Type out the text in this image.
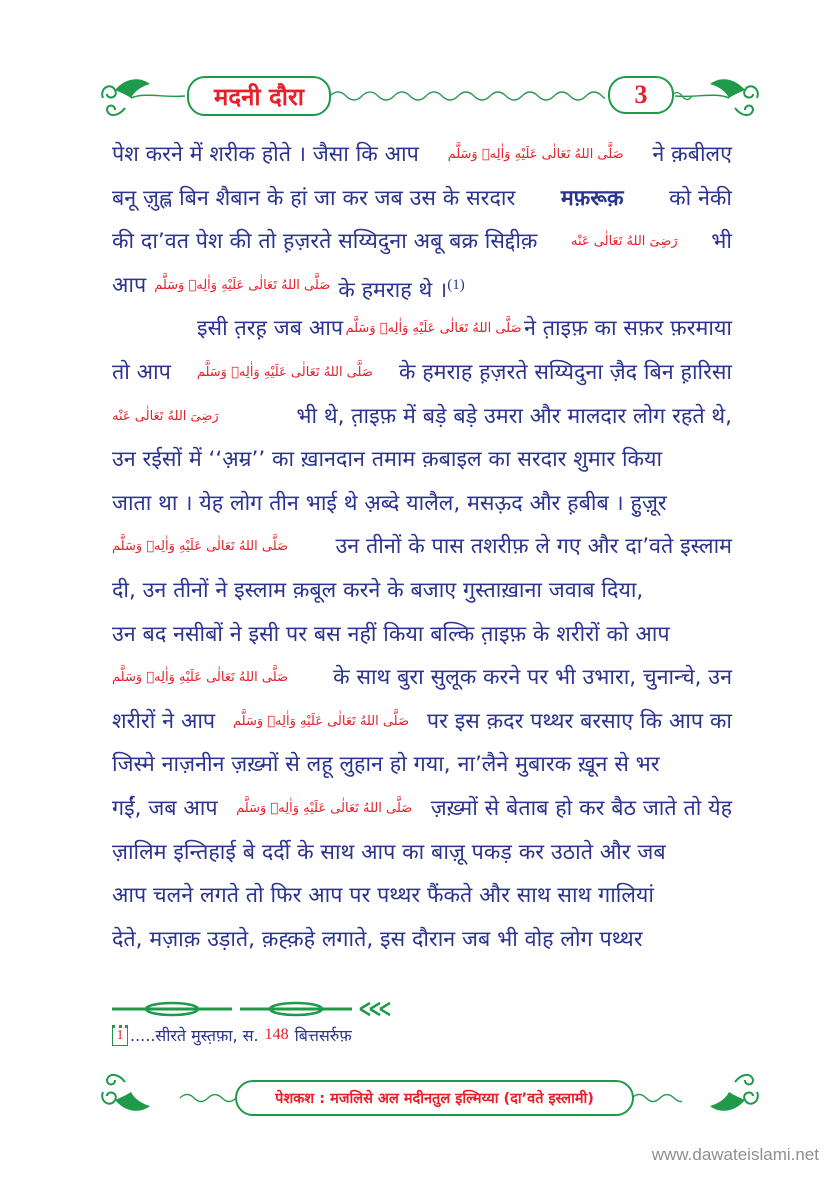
मदनी दौरा	3
पेश करने में शरीक होते । जैसा कि आप صَلَّى اللهُ تَعَالٰى عَلَيْهِ وَاٰلِهٖ وَسَلَّم ने क़बीलए
बनू ज़ुह्ल बिन शैबान के हां जा कर जब उस के सरदार मफ़रूक़ को नेकी
की दा’वत पेश की तो ह़ज़रते सय्यिदुना अबू बक्र सिद्दीक़	رَضِىَ اللهُ تَعَالٰى عَنْه भी
आप صَلَّى اللهُ تَعَالٰى عَلَيْهِ وَاٰلِهٖ وَسَلَّم के हमराह थे ।$^{(1)}$
इसी त़रह़ जब आप صَلَّى اللهُ تَعَالٰى عَلَيْهِ وَاٰلِهٖ وَسَلَّم ने त़ाइफ़ का सफ़र फ़रमाया
तो आप صَلَّى اللهُ تَعَالٰى عَلَيْهِ وَاٰلِهٖ وَسَلَّم के हमराह ह़ज़रते सय्यिदुना ज़ैद बिन ह़ारिसा
رَضِىَ اللهُ تَعَالٰى عَنْه	भी थे, त़ाइफ़ में बड़े बड़े उमरा और मालदार लोग रहते थे,
उन रईसों में ‘‘अ़म्र’’ का ख़ानदान तमाम क़बाइल का सरदार शुमार किया
जाता था । येह लोग तीन भाई थे अ़ब्दे यालैल, मसऊ़द और ह़बीब । हु़ज़ूर
صَلَّى اللهُ تَعَالٰى عَلَيْهِ وَاٰلِهٖ وَسَلَّم उन तीनों के पास तशरीफ़ ले गए और दा’वते इस्लाम
दी, उन तीनों ने इस्लाम क़बूल करने के बजाए गुस्ताख़ाना जवाब दिया,
उन बद नसीबों ने इसी पर बस नहीं किया बल्कि त़ाइफ़ के शरीरों को आप
صَلَّى اللهُ تَعَالٰى عَلَيْهِ وَاٰلِهٖ وَسَلَّم के साथ बुरा सुलूक करने पर भी उभारा, चुनान्चे, उन
शरीरों ने आप صَلَّى اللهُ تَعَالٰى عَلَيْهِ وَاٰلِهٖ وَسَلَّم पर इस क़दर पथ्थर बरसाए कि आप का
जिस्मे नाज़नीन ज़ख़्मों से लहू लुहान हो गया, ना’लैने मुबारक ख़ून से भर
गईं, जब आप صَلَّى اللهُ تَعَالٰى عَلَيْهِ وَاٰلِهٖ وَسَلَّم ज़ख़्मों से बेताब हो कर बैठ जाते तो येह
ज़ालिम इन्तिहाई बे दर्दी के साथ आप का बाज़ू पकड़ कर उठाते और जब
आप चलने लगते तो फिर आप पर पथ्थर फैंकते और साथ साथ गालियां
देते, मज़ाक़ उड़ाते, क़ह्क़हे लगाते, इस दौरान जब भी वोह लोग पथ्थर
1 .....सीरते मुस्त़फ़ा, स. 148 बित्तसर्रुफ़
पेशकश : मजलिसे अल मदीनतुल इल्मिय्या (दा’वते इस्लामी)
www.dawateislami.net
